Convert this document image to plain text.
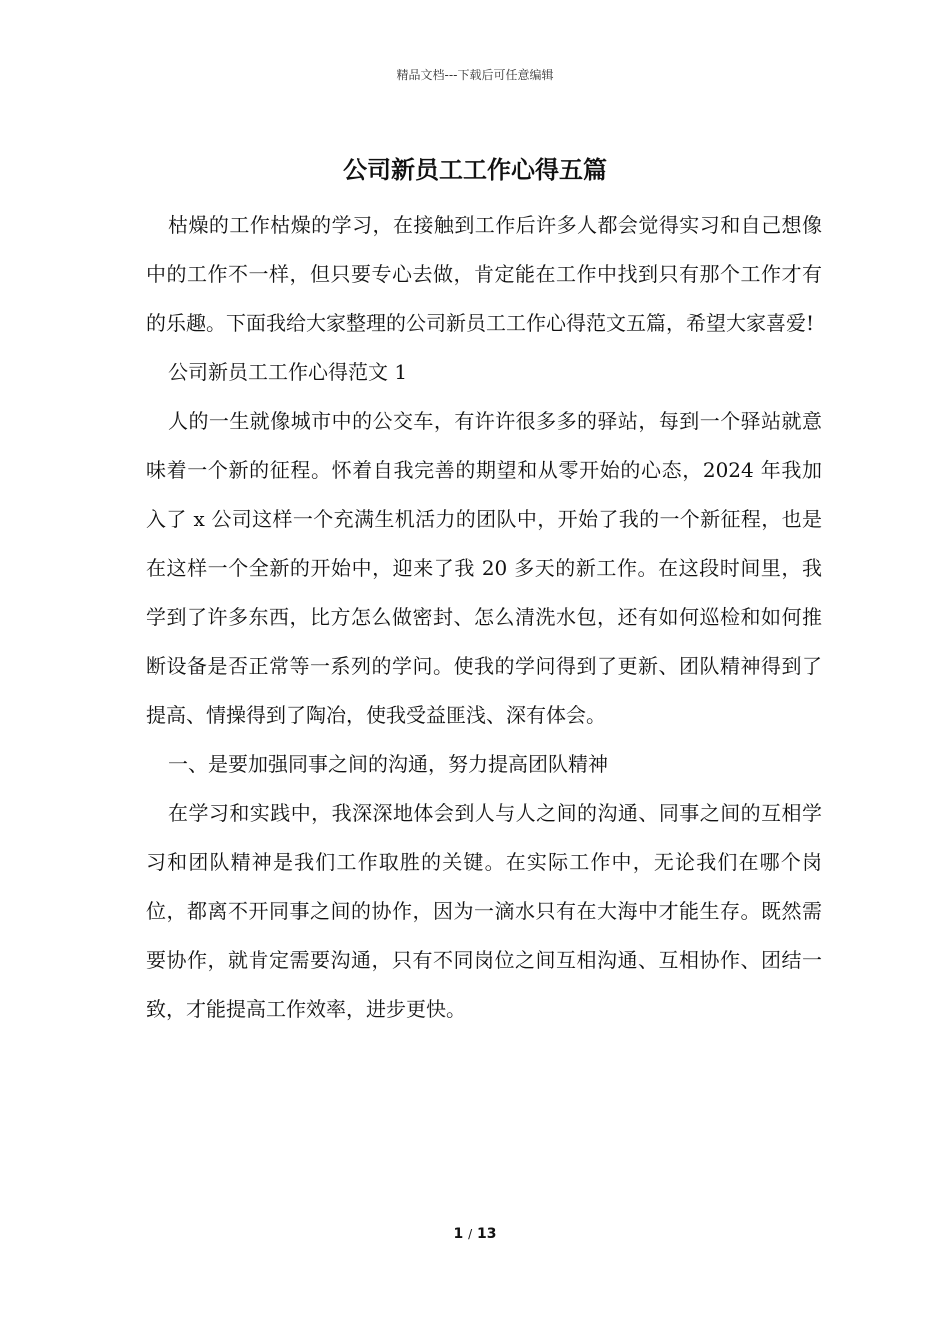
精品文档---下载后可任意编辑
公司新员工工作心得五篇

枯燥的工作枯燥的学习，在接触到工作后许多人都会觉得实习和自己想像中的工作不一样，但只要专心去做，肯定能在工作中找到只有那个工作才有的乐趣。下面我给大家整理的公司新员工工作心得范文五篇，希望大家喜爱!

公司新员工工作心得范文 1

人的一生就像城市中的公交车，有许许很多多的驿站，每到一个驿站就意味着一个新的征程。怀着自我完善的期望和从零开始的心态，2024 年我加入了 x 公司这样一个充满生机活力的团队中，开始了我的一个新征程，也是在这样一个全新的开始中，迎来了我 20 多天的新工作。在这段时间里，我学到了许多东西，比方怎么做密封、怎么清洗水包，还有如何巡检和如何推断设备是否正常等一系列的学问。使我的学问得到了更新、团队精神得到了提高、情操得到了陶冶，使我受益匪浅、深有体会。

一、是要加强同事之间的沟通，努力提高团队精神

在学习和实践中，我深深地体会到人与人之间的沟通、同事之间的互相学习和团队精神是我们工作取胜的关键。在实际工作中，无论我们在哪个岗位，都离不开同事之间的协作，因为一滴水只有在大海中才能生存。既然需要协作，就肯定需要沟通，只有不同岗位之间互相沟通、互相协作、团结一致，才能提高工作效率，进步更快。

1 / 13
